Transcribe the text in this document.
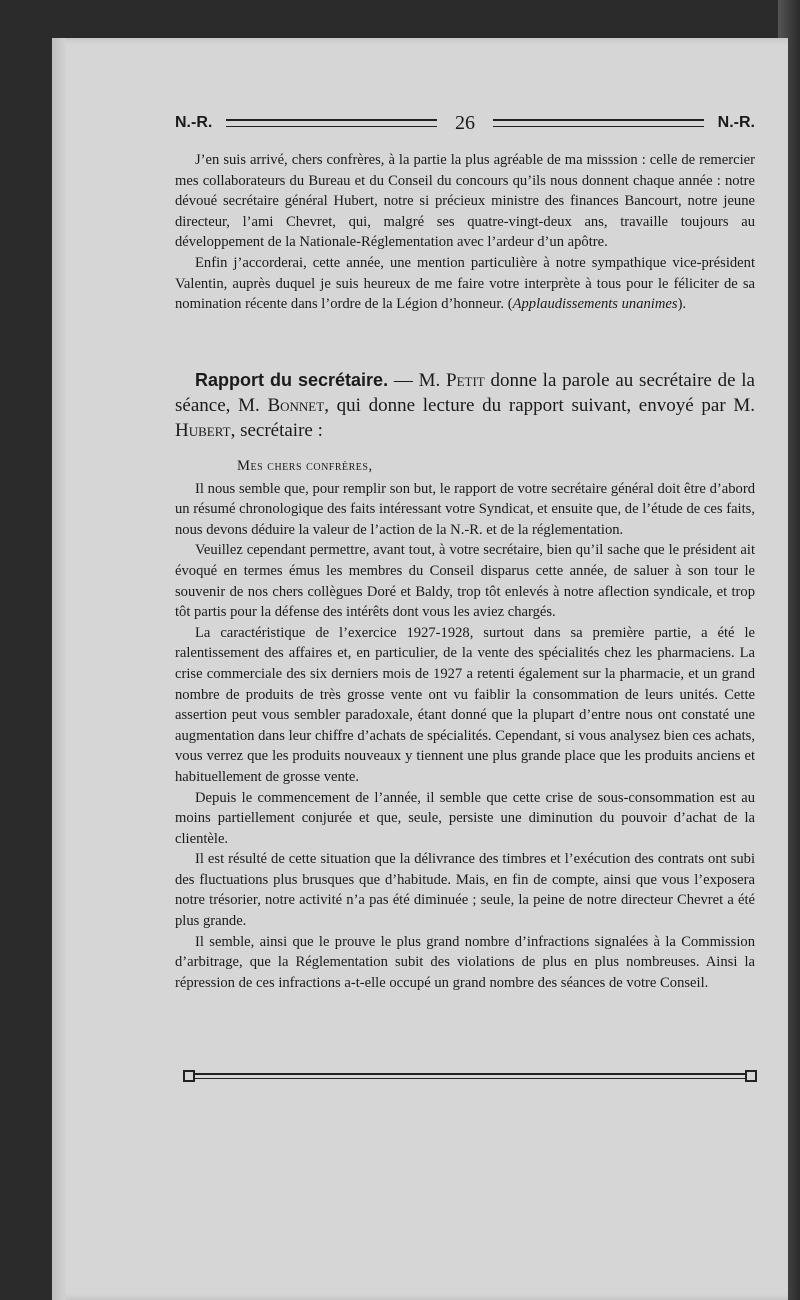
N.-R.	26	N.-R.

J’en suis arrivé, chers confrères, à la partie la plus agréable de ma misssion : celle de remercier mes collaborateurs du Bureau et du Conseil du concours qu’ils nous donnent chaque année : notre dévoué secrétaire général Hubert, notre si précieux ministre des finances Bancourt, notre jeune directeur, l’ami Chevret, qui, malgré ses quatre-vingt-deux ans, travaille toujours au développement de la Nationale-Réglementation avec l’ardeur d’un apôtre.

Enfin j’accorderai, cette année, une mention particulière à notre sympathique vice-président Valentin, auprès duquel je suis heureux de me faire votre interprète à tous pour le féliciter de sa nomination récente dans l’ordre de la Légion d’honneur. (Applaudissements unanimes).

Rapport du secrétaire. — M. Petit donne la parole au secrétaire de la séance, M. Bonnet, qui donne lecture du rapport suivant, envoyé par M. Hubert, secrétaire :

Mes chers confrères,

Il nous semble que, pour remplir son but, le rapport de votre secrétaire général doit être d’abord un résumé chronologique des faits intéressant votre Syndicat, et ensuite que, de l’étude de ces faits, nous devons déduire la valeur de l’action de la N.-R. et de la réglementation.

Veuillez cependant permettre, avant tout, à votre secrétaire, bien qu’il sache que le président ait évoqué en termes émus les membres du Conseil disparus cette année, de saluer à son tour le souvenir de nos chers collègues Doré et Baldy, trop tôt enlevés à notre aflection syndicale, et trop tôt partis pour la défense des intérêts dont vous les aviez chargés.

La caractéristique de l’exercice 1927-1928, surtout dans sa première partie, a été le ralentissement des affaires et, en particulier, de la vente des spécialités chez les pharmaciens. La crise commerciale des six derniers mois de 1927 a retenti également sur la pharmacie, et un grand nombre de produits de très grosse vente ont vu faiblir la consommation de leurs unités. Cette assertion peut vous sembler paradoxale, étant donné que la plupart d’entre nous ont constaté une augmentation dans leur chiffre d’achats de spécialités. Cependant, si vous analysez bien ces achats, vous verrez que les produits nouveaux y tiennent une plus grande place que les produits anciens et habituellement de grosse vente.

Depuis le commencement de l’année, il semble que cette crise de sous-consommation est au moins partiellement conjurée et que, seule, persiste une diminution du pouvoir d’achat de la clientèle.

Il est résulté de cette situation que la délivrance des timbres et l’exécution des contrats ont subi des fluctuations plus brusques que d’habitude. Mais, en fin de compte, ainsi que vous l’exposera notre trésorier, notre activité n’a pas été diminuée ; seule, la peine de notre directeur Chevret a été plus grande.

Il semble, ainsi que le prouve le plus grand nombre d’infractions signalées à la Commission d’arbitrage, que la Réglementation subit des violations de plus en plus nombreuses. Ainsi la répression de ces infractions a-t-elle occupé un grand nombre des séances de votre Conseil.
